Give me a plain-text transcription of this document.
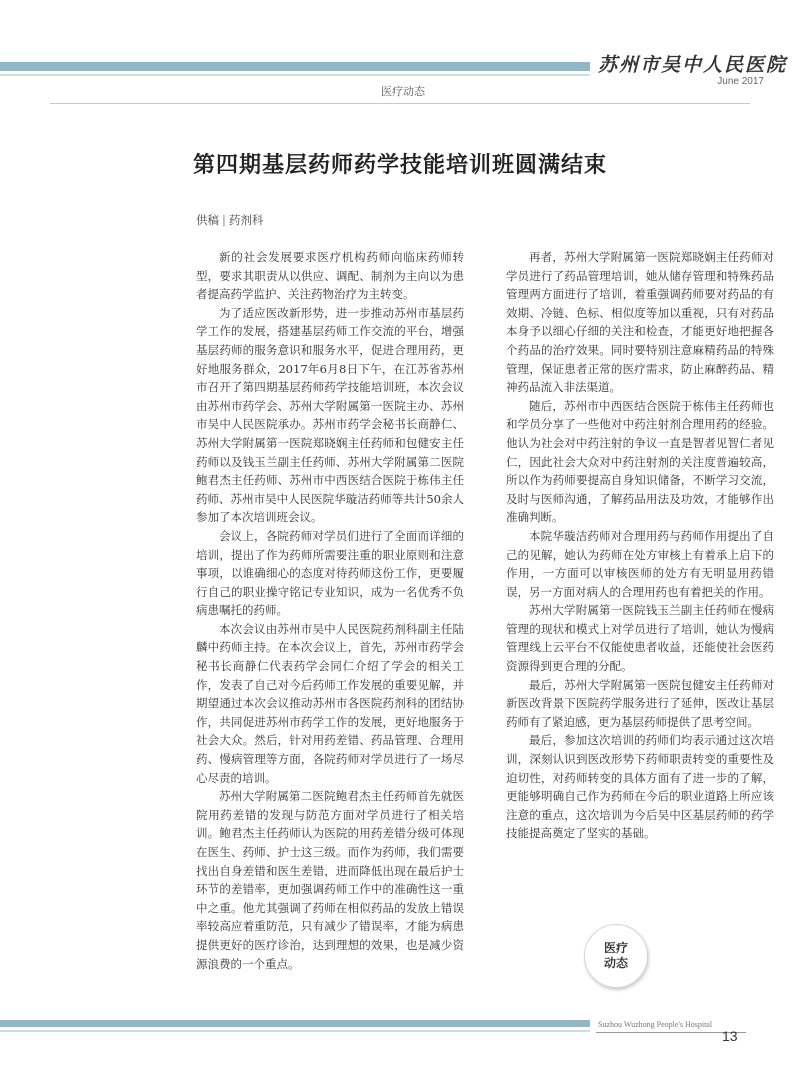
苏州市吴中人民医院
June 2017
医疗动态
第四期基层药师药学技能培训班圆满结束
供稿 | 药剂科

新的社会发展要求医疗机构药师向临床药师转型，要求其职责从以供应、调配、制剂为主向以为患者提高药学监护、关注药物治疗为主转变。

为了适应医改新形势，进一步推动苏州市基层药学工作的发展，搭建基层药师工作交流的平台，增强基层药师的服务意识和服务水平，促进合理用药，更好地服务群众，2017年6月8日下午，在江苏省苏州市召开了第四期基层药师药学技能培训班，本次会议由苏州市药学会、苏州大学附属第一医院主办、苏州市吴中人民医院承办。苏州市药学会秘书长商静仁、苏州大学附属第一医院郑晓娴主任药师和包健安主任药师以及钱玉兰副主任药师、苏州大学附属第二医院鲍君杰主任药师、苏州市中西医结合医院于栋伟主任药师、苏州市吴中人民医院华璇洁药师等共计50余人参加了本次培训班会议。

会议上，各院药师对学员们进行了全面而详细的培训，提出了作为药师所需要注重的职业原则和注意事项，以谁确细心的态度对待药师这份工作，更要履行自己的职业操守铭记专业知识，成为一名优秀不负病患嘱托的药师。

本次会议由苏州市吴中人民医院药剂科副主任陆麟中药师主持。在本次会议上，首先，苏州市药学会秘书长商静仁代表药学会同仁介绍了学会的相关工作，发表了自己对今后药师工作发展的重要见解，并期望通过本次会议推动苏州市各医院药剂科的团结协作，共同促进苏州市药学工作的发展，更好地服务于社会大众。然后，针对用药差错、药品管理、合理用药、慢病管理等方面，各院药师对学员进行了一场尽心尽责的培训。

苏州大学附属第二医院鲍君杰主任药师首先就医院用药差错的发现与防范方面对学员进行了相关培训。鲍君杰主任药师认为医院的用药差错分级可体现在医生、药师、护士这三级。而作为药师，我们需要找出自身差错和医生差错，进而降低出现在最后护士环节的差错率，更加强调药师工作中的准确性这一重中之重。他尤其强调了药师在相似药品的发放上错误率较高应着重防范，只有减少了错误率，才能为病患提供更好的医疗诊治，达到理想的效果，也是减少资源浪费的一个重点。

再者，苏州大学附属第一医院郑晓娴主任药师对学员进行了药品管理培训，她从储存管理和特殊药品管理两方面进行了培训，着重强调药师要对药品的有效期、冷链、色标、相似度等加以重视，只有对药品本身予以细心仔细的关注和检查，才能更好地把握各个药品的治疗效果。同时要特别注意麻精药品的特殊管理，保证患者正常的医疗需求，防止麻醉药品、精神药品流入非法渠道。

随后，苏州市中西医结合医院于栋伟主任药师也和学员分享了一些他对中药注射剂合理用药的经验。他认为社会对中药注射的争议一直是智者见智仁者见仁，因此社会大众对中药注射剂的关注度普遍较高，所以作为药师要提高自身知识储备，不断学习交流，及时与医师沟通，了解药品用法及功效，才能够作出准确判断。

本院华璇洁药师对合理用药与药师作用提出了自己的见解，她认为药师在处方审核上有着承上启下的作用，一方面可以审核医师的处方有无明显用药错误，另一方面对病人的合理用药也有着把关的作用。

苏州大学附属第一医院钱玉兰副主任药师在慢病管理的现状和模式上对学员进行了培训，她认为慢病管理线上云平台不仅能使患者收益，还能使社会医药资源得到更合理的分配。

最后，苏州大学附属第一医院包健安主任药师对新医改背景下医院药学服务进行了延伸，医改让基层药师有了紧迫感，更为基层药师提供了思考空间。

最后，参加这次培训的药师们均表示通过这次培训，深刻认识到医改形势下药师职责转变的重要性及迫切性，对药师转变的具体方面有了进一步的了解，更能够明确自己作为药师在今后的职业道路上所应该注意的重点，这次培训为今后吴中区基层药师的药学技能提高奠定了坚实的基础。

医疗
动态
Suzhou Wuzhong People's Hospital
13
